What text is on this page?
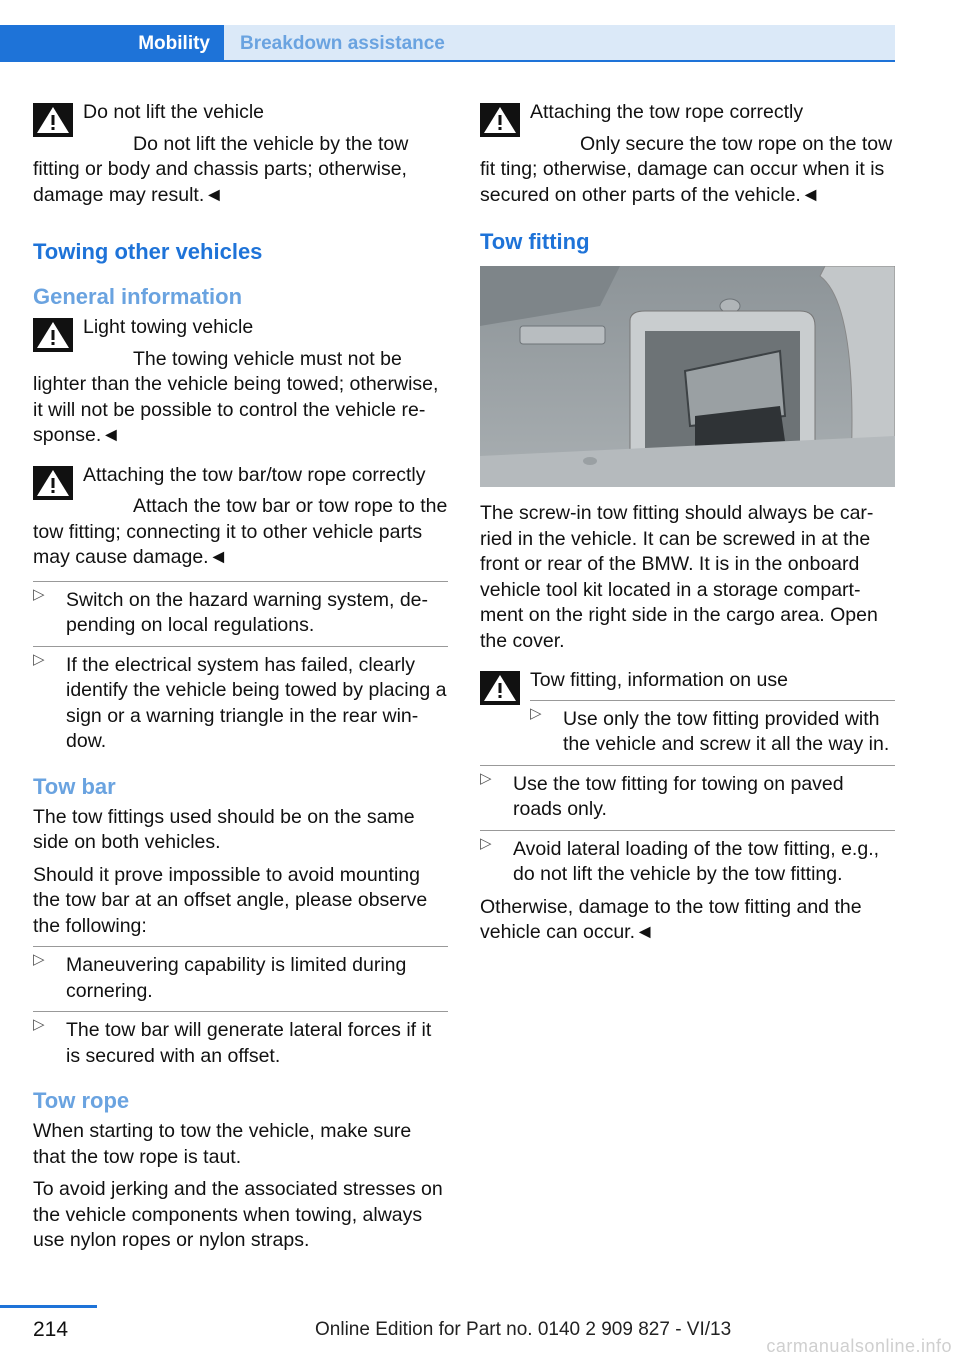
Mobility	Breakdown assistance
Do not lift the vehicle
Do not lift the vehicle by the tow fitting or body and chassis parts; otherwise, damage may result.◄
Towing other vehicles
General information
Light towing vehicle
The towing vehicle must not be lighter than the vehicle being towed; otherwise, it will not be possible to control the vehicle response.◄
Attaching the tow bar/tow rope correctly
Attach the tow bar or tow rope to the tow fitting; connecting it to other vehicle parts may cause damage.◄
▷ Switch on the hazard warning system, depending on local regulations.
▷ If the electrical system has failed, clearly identify the vehicle being towed by placing a sign or a warning triangle in the rear window.
Tow bar

The tow fittings used should be on the same side on both vehicles.

Should it prove impossible to avoid mounting the tow bar at an offset angle, please observe the following:

▷ Maneuvering capability is limited during cornering.
▷ The tow bar will generate lateral forces if it is secured with an offset.
Tow rope

When starting to tow the vehicle, make sure that the tow rope is taut.

To avoid jerking and the associated stresses on the vehicle components when towing, always use nylon ropes or nylon straps.

Attaching the tow rope correctly
Only secure the tow rope on the tow fit ting; otherwise, damage can occur when it is secured on other parts of the vehicle.◄
Tow fitting

The screw-in tow fitting should always be carried in the vehicle. It can be screwed in at the front or rear of the BMW. It is in the onboard vehicle tool kit located in a storage compartment on the right side in the cargo area. Open the cover.

Tow fitting, information on use
▷ Use only the tow fitting provided with the vehicle and screw it all the way in.
▷ Use the tow fitting for towing on paved roads only.
▷ Avoid lateral loading of the tow fitting, e.g., do not lift the vehicle by the tow fitting.

Otherwise, damage to the tow fitting and the vehicle can occur.◄

214	Online Edition for Part no. 0140 2 909 827 - VI/13
carmanualsonline.info
